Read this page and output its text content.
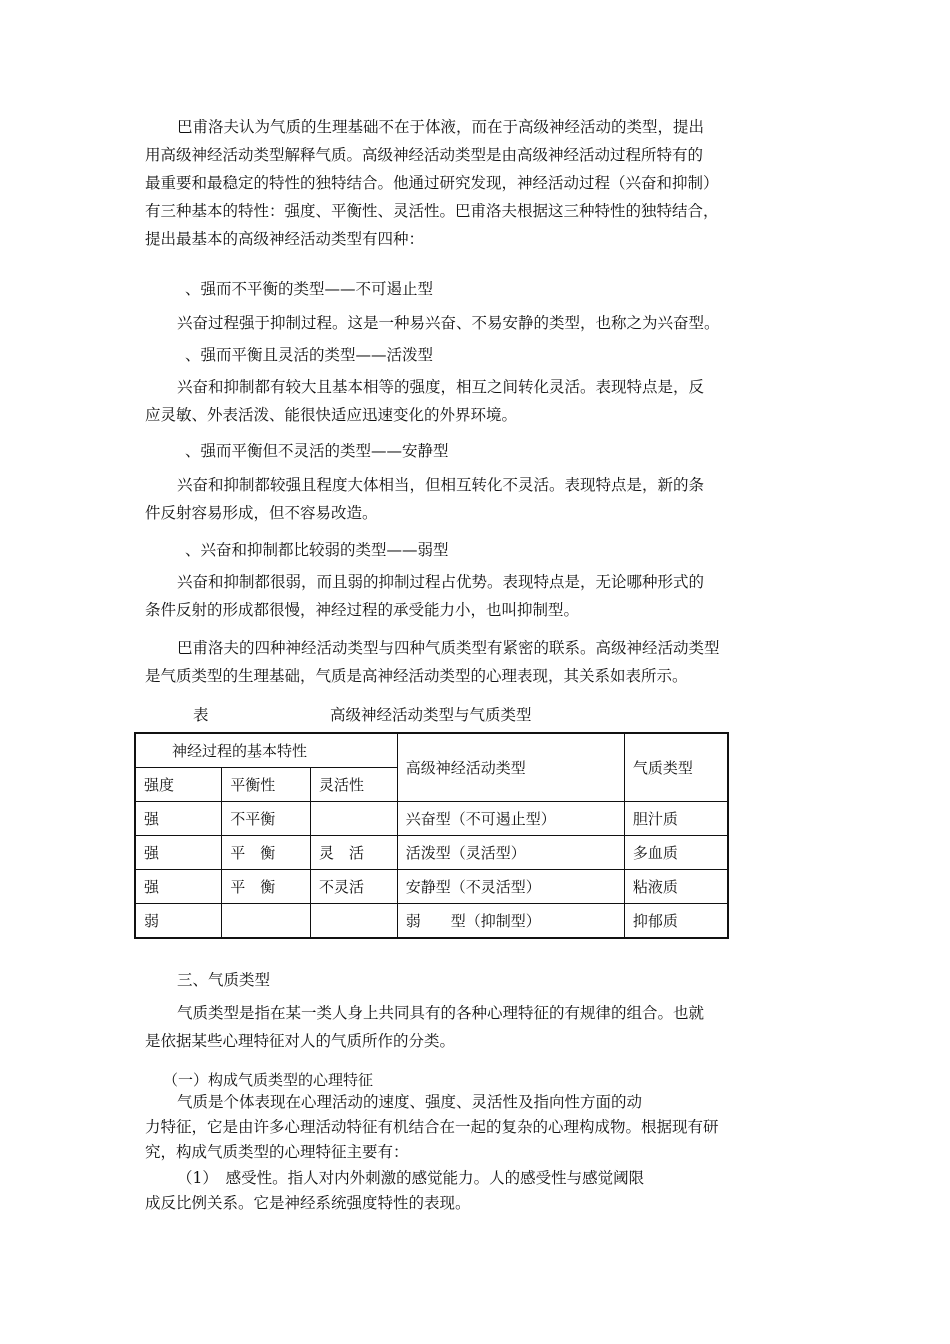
巴甫洛夫认为气质的生理基础不在于体液，而在于高级神经活动的类型，提出
用高级神经活动类型解释气质。高级神经活动类型是由高级神经活动过程所特有的
最重要和最稳定的特性的独特结合。他通过研究发现，神经活动过程（兴奋和抑制）
有三种基本的特性：强度、平衡性、灵活性。巴甫洛夫根据这三种特性的独特结合，
提出最基本的高级神经活动类型有四种：

、强而不平衡的类型——不可遏止型

兴奋过程强于抑制过程。这是一种易兴奋、不易安静的类型，也称之为兴奋型。

、强而平衡且灵活的类型——活泼型

兴奋和抑制都有较大且基本相等的强度，相互之间转化灵活。表现特点是，反
应灵敏、外表活泼、能很快适应迅速变化的外界环境。

、强而平衡但不灵活的类型——安静型

兴奋和抑制都较强且程度大体相当，但相互转化不灵活。表现特点是，新的条
件反射容易形成，但不容易改造。

、兴奋和抑制都比较弱的类型——弱型

兴奋和抑制都很弱，而且弱的抑制过程占优势。表现特点是，无论哪种形式的
条件反射的形成都很慢，神经过程的承受能力小，也叫抑制型。
巴甫洛夫的四种神经活动类型与四种气质类型有紧密的联系。高级神经活动类型
是气质类型的生理基础，气质是高神经活动类型的心理表现，其关系如表所示。
表	高级神经活动类型与气质类型
神经过程的基本特性			高级神经活动类型	气质类型
强度	平衡性	灵活性		
强	不平衡		兴奋型（不可遏止型）	胆汁质
强	平　衡	灵　活	活泼型（灵活型）	多血质
强	平　衡	不灵活	安静型（不灵活型）	粘液质
弱			弱　　型（抑制型）	抑郁质

三、气质类型

气质类型是指在某一类人身上共同具有的各种心理特征的有规律的组合。也就
是依据某些心理特征对人的气质所作的分类。

（一）构成气质类型的心理特征

气质是个体表现在心理活动的速度、强度、灵活性及指向性方面的动
力特征，它是由许多心理活动特征有机结合在一起的复杂的心理构成物。根据现有研
究，构成气质类型的心理特征主要有：
（1）　感受性。指人对内外刺激的感觉能力。人的感受性与感觉阈限
成反比例关系。它是神经系统强度特性的表现。
